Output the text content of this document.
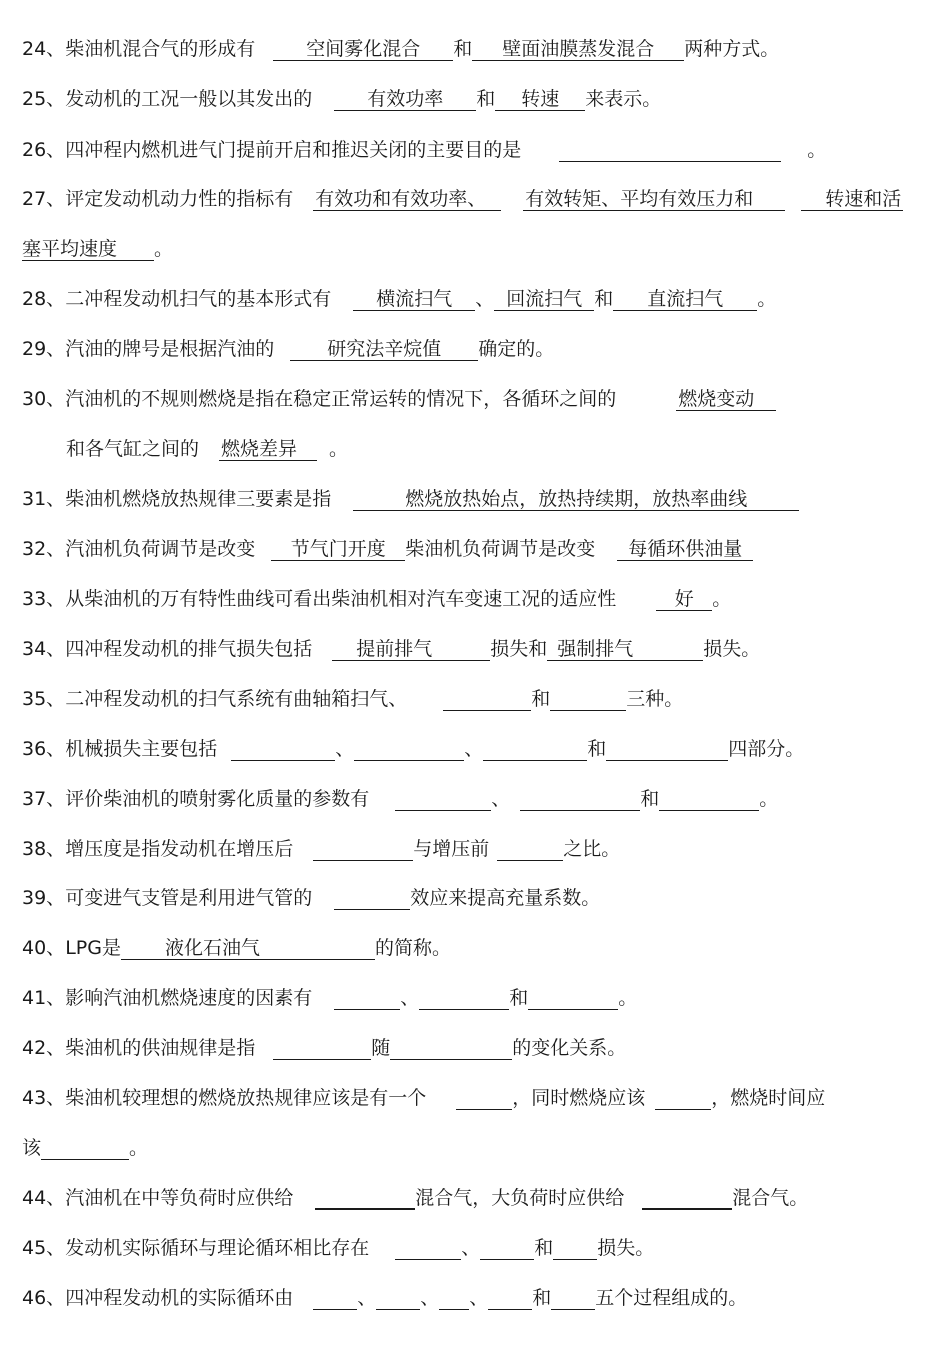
24、柴油机混合气的形成有	空间雾化混合 和 壁面油膜蒸发混合 两种方式。
25、发动机的工况一般以其发出的	有效功率 和 转速 来表示。
26、四冲程内燃机进气门提前开启和推迟关闭的主要目的是	。
27、评定发动机动力性的指标有 有效功和有效功率、 有效转矩、平均有效压力和	转速和活
塞平均速度 。
28、二冲程发动机扫气的基本形式有 横流扫气 、 回流扫气 和 直流扫气 。
29、汽油的牌号是根据汽油的	研究法辛烷值 确定的。
30、汽油机的不规则燃烧是指在稳定正常运转的情况下，各循环之间的	燃烧变动
和各气缸之间的 燃烧差异 。
31、柴油机燃烧放热规律三要素是指	燃烧放热始点，放热持续期，放热率曲线
32、汽油机负荷调节是改变 节气门开度 柴油机负荷调节是改变 每循环供油量
33、从柴油机的万有特性曲线可看出柴油机相对汽车变速工况的适应性	好 。
34、四冲程发动机的排气损失包括 提前排气	损失和 强制排气	损失。
35、二冲程发动机的扫气系统有曲轴箱扫气、	和	三种。
36、机械损失主要包括	、	、	和	四部分。
37、评价柴油机的喷射雾化质量的参数有	、	和	。
38、增压度是指发动机在增压后	与增压前	之比。
39、可变进气支管是利用进气管的	效应来提高充量系数。
40、LPG是 液化石油气	的简称。
41、影响汽油机燃烧速度的因素有	、	和	。
42、柴油机的供油规律是指	随	的变化关系。
43、柴油机较理想的燃烧放热规律应该是有一个	，同时燃烧应该	，燃烧时间应
该	。
44、汽油机在中等负荷时应供给	混合气，大负荷时应供给	混合气。
45、发动机实际循环与理论循环相比存在	、	和 损失。
46、四冲程发动机的实际循环由	、 、 、 和 五个过程组成的。
